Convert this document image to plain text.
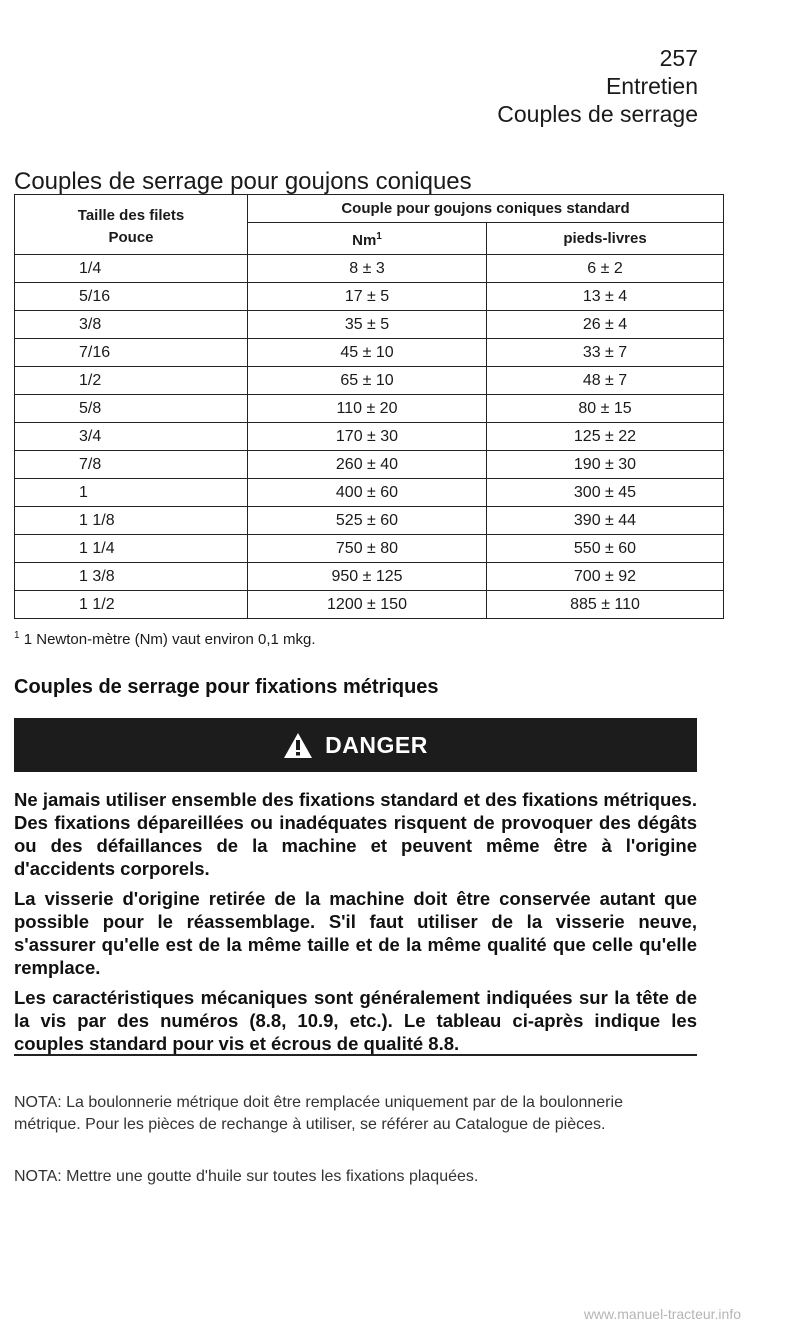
257
Entretien
Couples de serrage
Couples de serrage pour goujons coniques
Taille des filets
Pouce	Couple pour goujons coniques standard	
	Nm$^1$	pieds-livres
1/4	8 ± 3	6 ± 2
5/16	17 ± 5	13 ± 4
3/8	35 ± 5	26 ± 4
7/16	45 ± 10	33 ± 7
1/2	65 ± 10	48 ± 7
5/8	110 ± 20	80 ± 15
3/4	170 ± 30	125 ± 22
7/8	260 ± 40	190 ± 30
1	400 ± 60	300 ± 45
1 1/8	525 ± 60	390 ± 44
1 1/4	750 ± 80	550 ± 60
1 3/8	950 ± 125	700 ± 92
1 1/2	1200 ± 150	885 ± 110
$^1$ 1 Newton-mètre (Nm) vaut environ 0,1 mkg.
Couples de serrage pour fixations métriques
DANGER

Ne jamais utiliser ensemble des fixations standard et des fixations métriques. Des fixations dépareillées ou inadéquates risquent de provoquer des dégâts ou des défaillances de la machine et peuvent même être à l'origine d'accidents corporels.

La visserie d'origine retirée de la machine doit être conservée autant que possible pour le réassemblage. S'il faut utiliser de la visserie neuve, s'assurer qu'elle est de la même taille et de la même qualité que celle qu'elle remplace.

Les caractéristiques mécaniques sont généralement indiquées sur la tête de la vis par des numéros (8.8, 10.9, etc.). Le tableau ci-après indique les couples standard pour vis et écrous de qualité 8.8.

NOTA: La boulonnerie métrique doit être remplacée uniquement par de la boulonnerie métrique. Pour les pièces de rechange à utiliser, se référer au Catalogue de pièces.
NOTA: Mettre une goutte d'huile sur toutes les fixations plaquées.
www.manuel-tracteur.info
